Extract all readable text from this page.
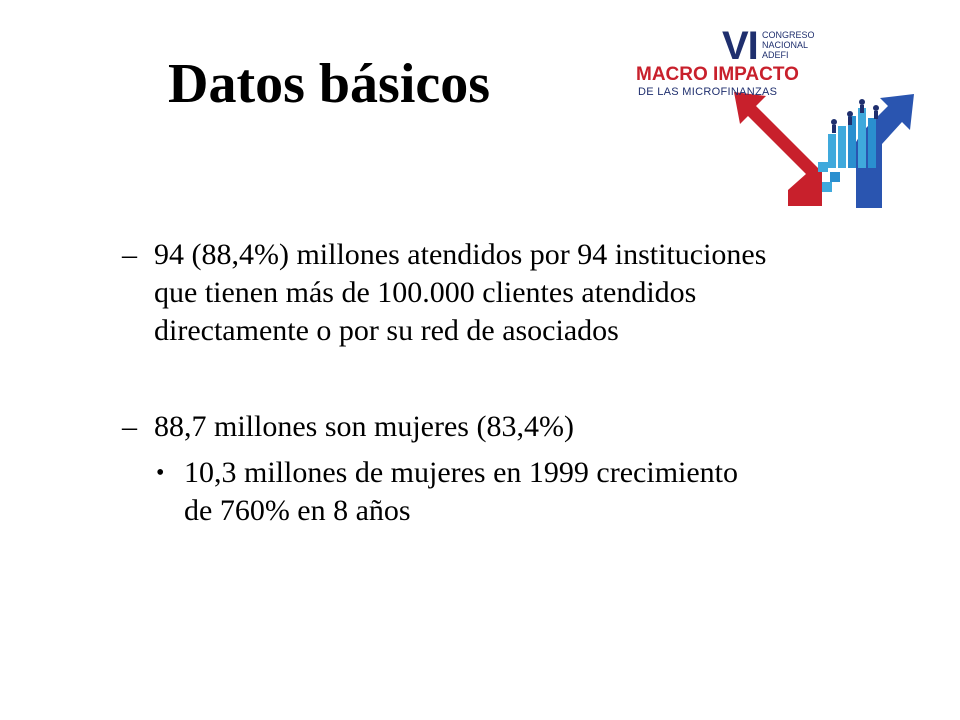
Datos básicos
VI CONGRESO
NACIONAL
ADEFI
MACRO IMPACTO
DE LAS MICROFINANZAS
– 94 (88,4%) millones atendidos por 94 instituciones
que tienen más de 100.000 clientes atendidos
directamente o por su red de asociados
– 88,7 millones son mujeres (83,4%)
• 10,3 millones de mujeres en 1999 crecimiento
de 760% en 8 años
